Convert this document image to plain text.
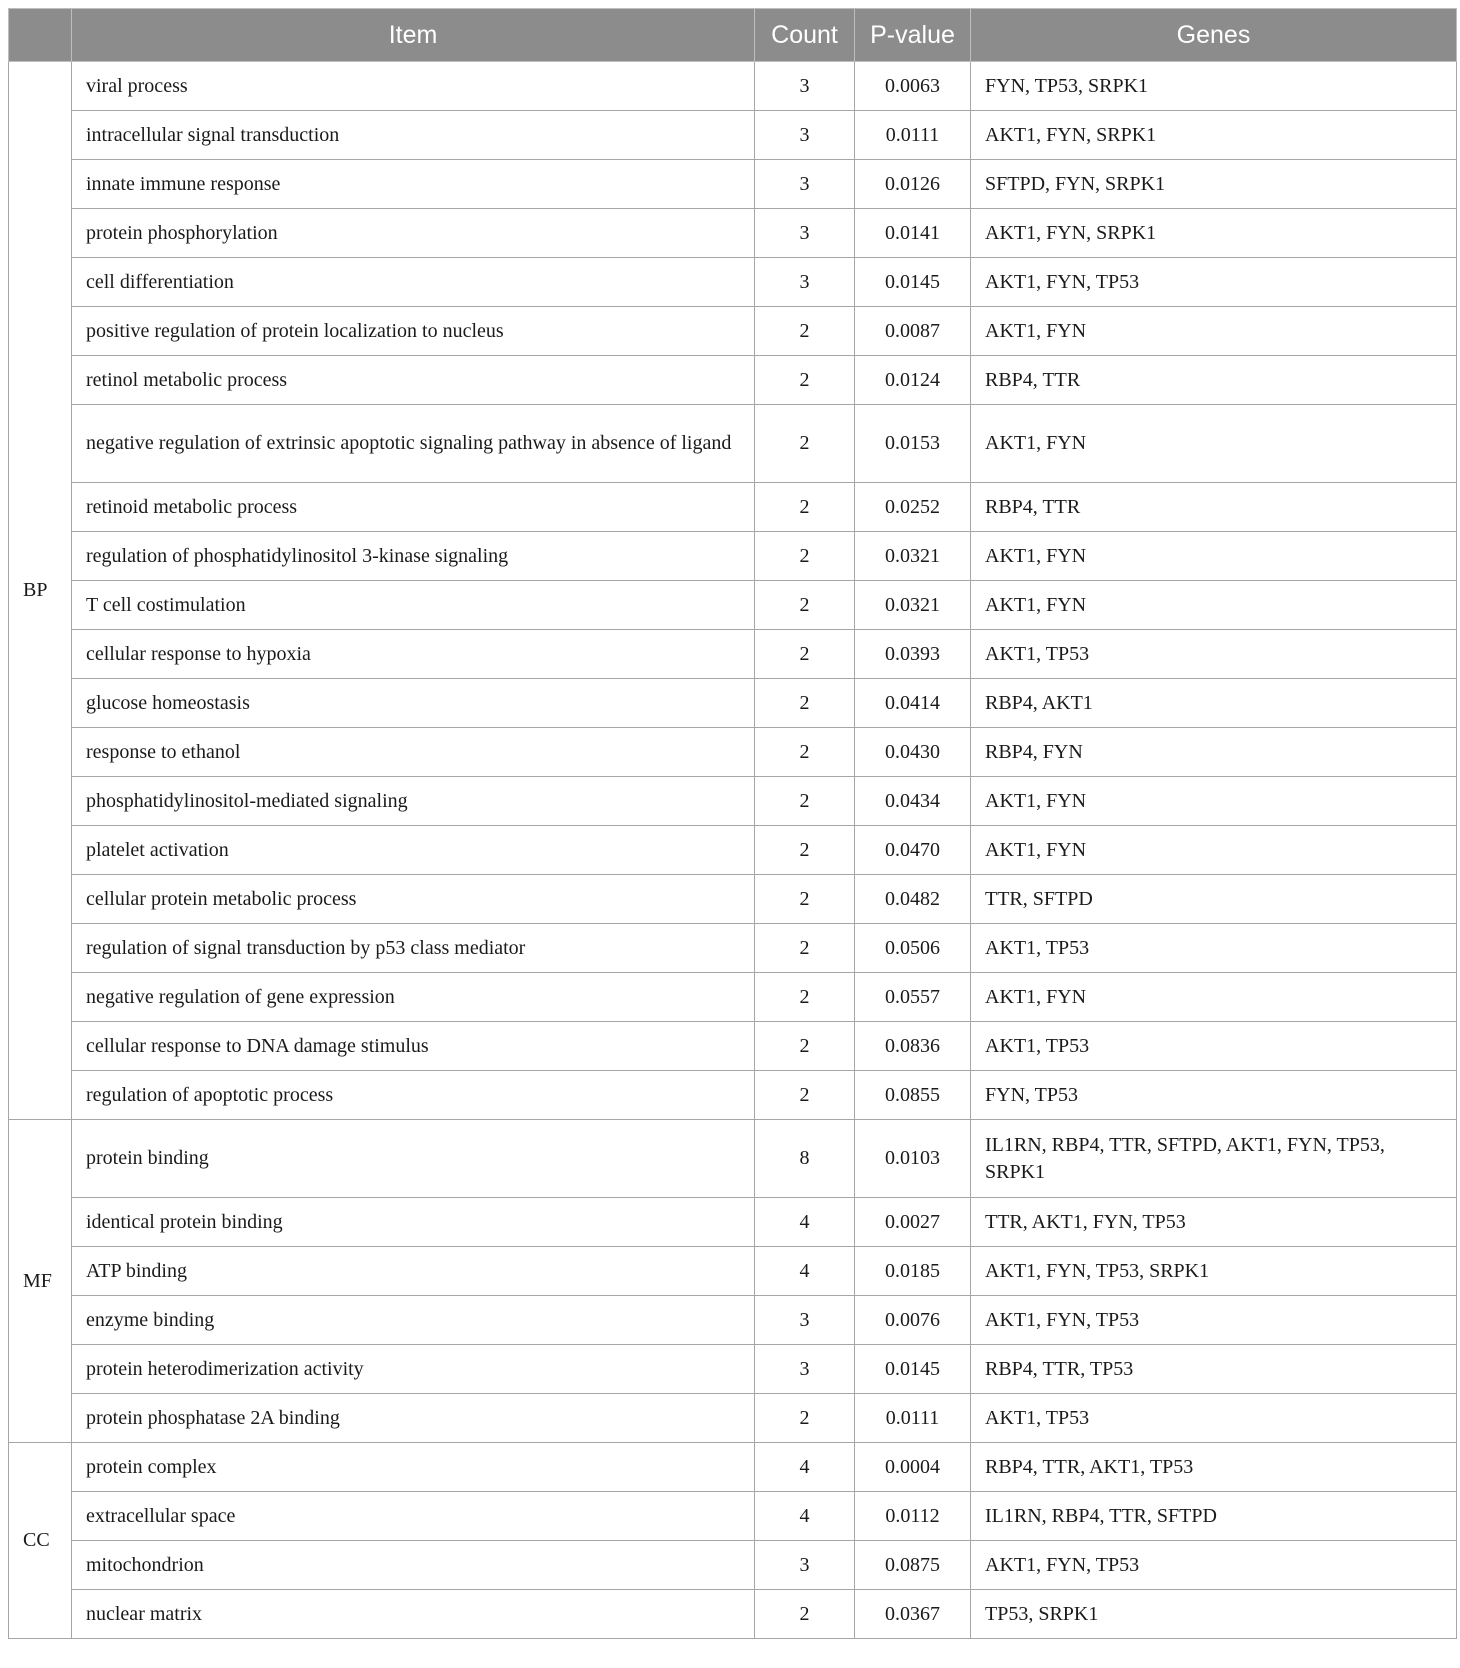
	Item	Count	P-value	Genes
BP	viral process	3	0.0063	FYN, TP53, SRPK1
	intracellular signal transduction	3	0.0111	AKT1, FYN, SRPK1
	innate immune response	3	0.0126	SFTPD, FYN, SRPK1
	protein phosphorylation	3	0.0141	AKT1, FYN, SRPK1
	cell differentiation	3	0.0145	AKT1, FYN, TP53
	positive regulation of protein localization to nucleus	2	0.0087	AKT1, FYN
	retinol metabolic process	2	0.0124	RBP4, TTR
	negative regulation of extrinsic apoptotic signaling pathway in absence of ligand	2	0.0153	AKT1, FYN
	retinoid metabolic process	2	0.0252	RBP4, TTR
	regulation of phosphatidylinositol 3-kinase signaling	2	0.0321	AKT1, FYN
	T cell costimulation	2	0.0321	AKT1, FYN
	cellular response to hypoxia	2	0.0393	AKT1, TP53
	glucose homeostasis	2	0.0414	RBP4, AKT1
	response to ethanol	2	0.0430	RBP4, FYN
	phosphatidylinositol-mediated signaling	2	0.0434	AKT1, FYN
	platelet activation	2	0.0470	AKT1, FYN
	cellular protein metabolic process	2	0.0482	TTR, SFTPD
	regulation of signal transduction by p53 class mediator	2	0.0506	AKT1, TP53
	negative regulation of gene expression	2	0.0557	AKT1, FYN
	cellular response to DNA damage stimulus	2	0.0836	AKT1, TP53
	regulation of apoptotic process	2	0.0855	FYN, TP53
MF	protein binding	8	0.0103	IL1RN, RBP4, TTR, SFTPD, AKT1, FYN, TP53, SRPK1
	identical protein binding	4	0.0027	TTR, AKT1, FYN, TP53
	ATP binding	4	0.0185	AKT1, FYN, TP53, SRPK1
	enzyme binding	3	0.0076	AKT1, FYN, TP53
	protein heterodimerization activity	3	0.0145	RBP4, TTR, TP53
	protein phosphatase 2A binding	2	0.0111	AKT1, TP53
CC	protein complex	4	0.0004	RBP4, TTR, AKT1, TP53
	extracellular space	4	0.0112	IL1RN, RBP4, TTR, SFTPD
	mitochondrion	3	0.0875	AKT1, FYN, TP53
	nuclear matrix	2	0.0367	TP53, SRPK1
